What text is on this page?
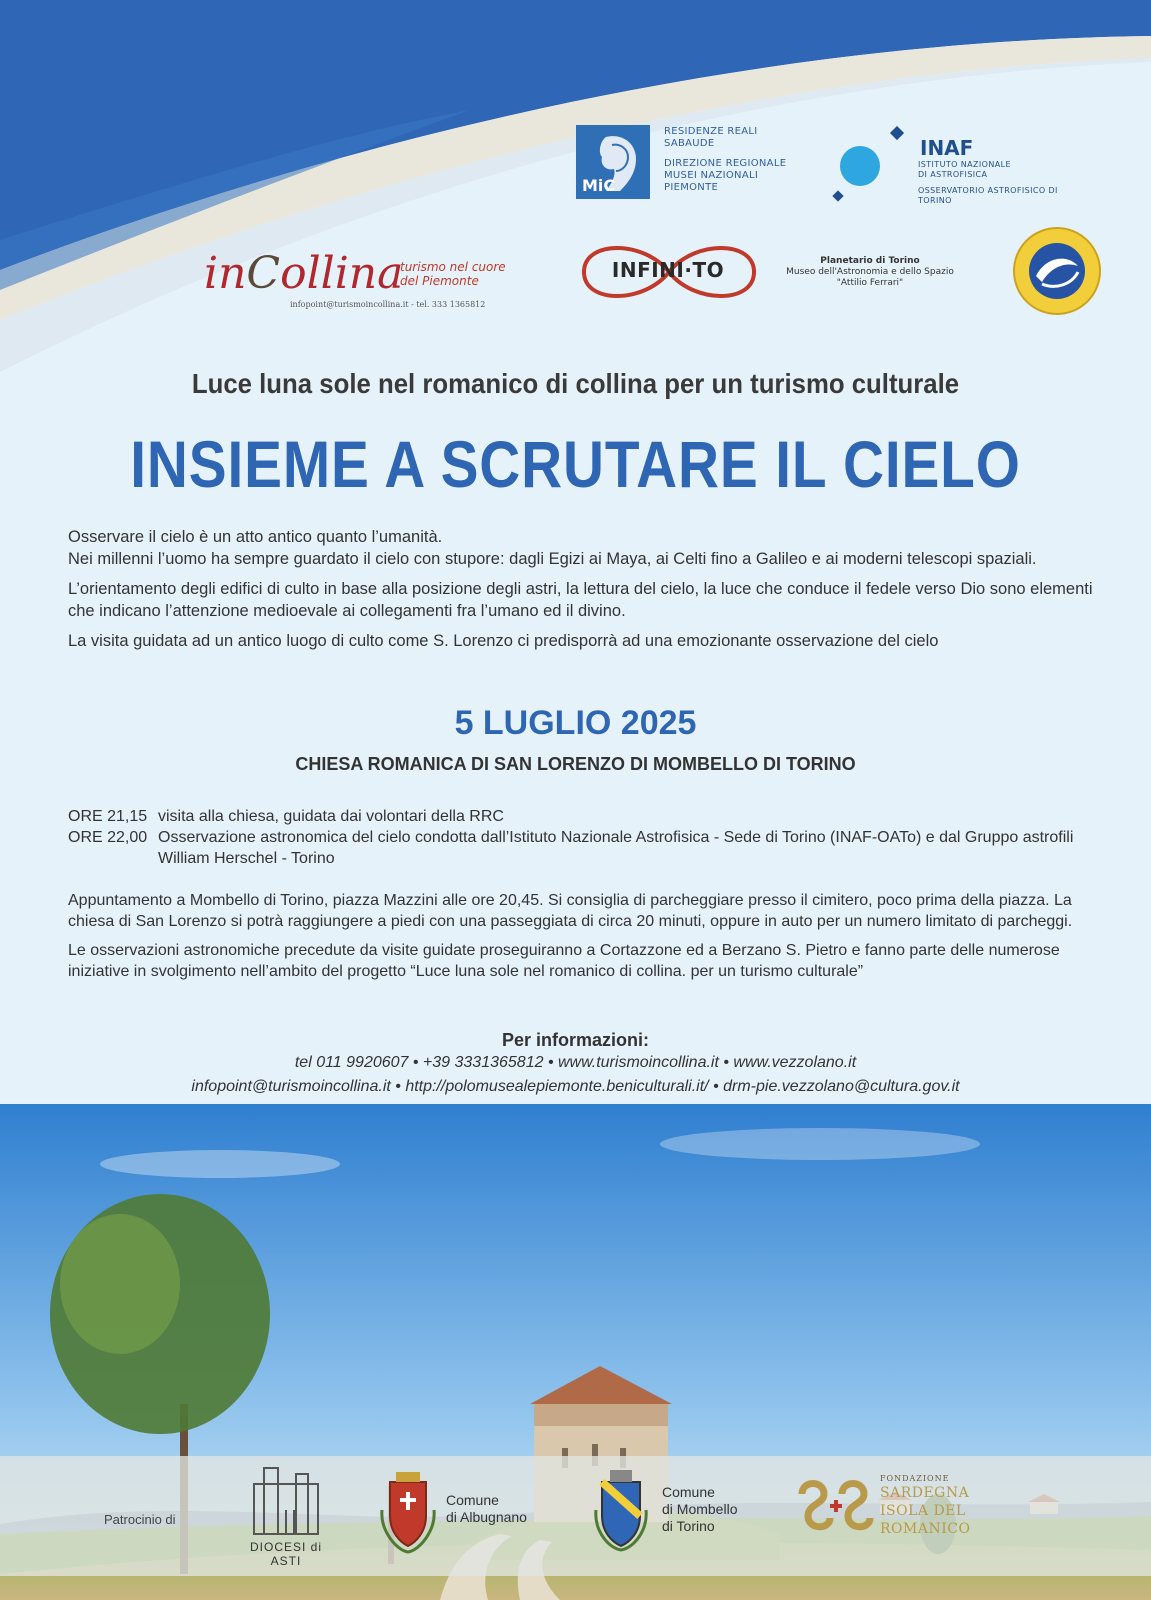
MiC
RESIDENZE REALI
SABAUDE
DIREZIONE REGIONALE
MUSEI NAZIONALI
PIEMONTE
INAF
ISTITUTO NAZIONALE
DI ASTROFISICA
OSSERVATORIO ASTROFISICO DI
TORINO
inCollina
turismo nel cuore
del Piemonte
infopoint@turismoincollina.it - tel. 333 1365812
INFINI·TO	Planetario di Torino
Museo dell'Astronomia e dello Spazio
"Attilio Ferrari"
Luce luna sole nel romanico di collina per un turismo culturale
INSIEME A SCRUTARE IL CIELO

Osservare il cielo è un atto antico quanto l’umanità.
Nei millenni l’uomo ha sempre guardato il cielo con stupore: dagli Egizi ai Maya, ai Celti fino a Galileo e ai moderni telescopi spaziali.

L’orientamento degli edifici di culto in base alla posizione degli astri, la lettura del cielo, la luce che conduce il fedele verso Dio sono elementi che indicano l’attenzione medioevale ai collegamenti fra l’umano ed il divino.

La visita guidata ad un antico luogo di culto come S. Lorenzo ci predisporrà ad una emozionante osservazione del cielo

5 LUGLIO 2025
CHIESA ROMANICA DI SAN LORENZO DI MOMBELLO DI TORINO
ORE 21,15 visita alla chiesa, guidata dai volontari della RRC
ORE 22,00 Osservazione astronomica del cielo condotta dall’Istituto Nazionale Astrofisica - Sede di Torino (INAF-OATo) e dal Gruppo astrofili William Herschel - Torino

Appuntamento a Mombello di Torino, piazza Mazzini alle ore 20,45. Si consiglia di parcheggiare presso il cimitero, poco prima della piazza. La chiesa di San Lorenzo si potrà raggiungere a piedi con una passeggiata di circa 20 minuti, oppure in auto per un numero limitato di parcheggi.

Le osservazioni astronomiche precedute da visite guidate proseguiranno a Cortazzone ed a Berzano S. Pietro e fanno parte delle numerose iniziative in svolgimento nell’ambito del progetto “Luce luna sole nel romanico di collina. per un turismo culturale”

Per informazioni:
tel 011 9920607 • +39 3331365812 • www.turismoincollina.it • www.vezzolano.it
infopoint@turismoincollina.it • http://polomusealepiemonte.beniculturali.it/ • drm-pie.vezzolano@cultura.gov.it
Patrocinio di
DIOCESI di ASTI
Comune
di Albugnano
Comune
di Mombello
di Torino
FONDAZIONE
SARDEGNA
ISOLA DEL
ROMANICO
